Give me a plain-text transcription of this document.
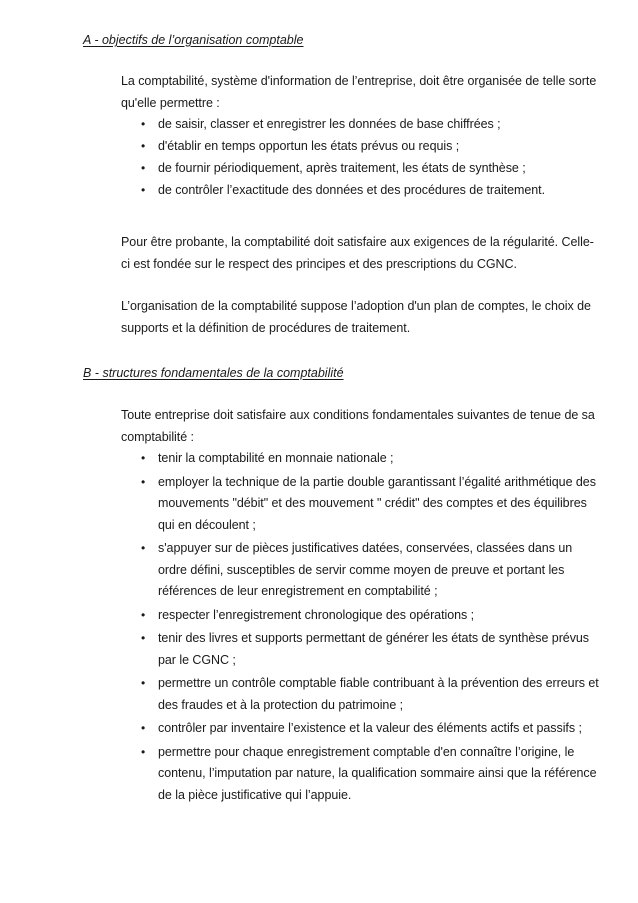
A - objectifs de l’organisation comptable

La comptabilité, système d'information de l’entreprise, doit être organisée de telle sorte qu'elle permettre :

• de saisir, classer et enregistrer les données de base chiffrées ;
• d'établir en temps opportun les états prévus ou requis ;
• de fournir périodiquement, après traitement, les états de synthèse ;
• de contrôler l’exactitude des données et des procédures de traitement.

Pour être probante, la comptabilité doit satisfaire aux exigences de la régularité. Celle-ci est fondée sur le respect des principes et des prescriptions du CGNC.

L’organisation de la comptabilité suppose l’adoption d'un plan de comptes, le choix de supports et la définition de procédures de traitement.

B - structures fondamentales de la comptabilité

Toute entreprise doit satisfaire aux conditions fondamentales suivantes de tenue de sa comptabilité :

• tenir la comptabilité en monnaie nationale ;
• employer la technique de la partie double garantissant l’égalité arithmétique des mouvements "débit" et des mouvement " crédit" des comptes et des équilibres qui en découlent ;
• s'appuyer sur de pièces justificatives datées, conservées, classées dans un ordre défini, susceptibles de servir comme moyen de preuve et portant les références de leur enregistrement en comptabilité ;
• respecter l’enregistrement chronologique des opérations ;
• tenir des livres et supports permettant de générer les états de synthèse prévus par le CGNC ;
• permettre un contrôle comptable fiable contribuant à la prévention des erreurs et des fraudes et à la protection du patrimoine ;
• contrôler par inventaire l’existence et la valeur des éléments actifs et passifs ;
• permettre pour chaque enregistrement comptable d'en connaître l’origine, le contenu, l’imputation par nature, la qualification sommaire ainsi que la référence de la pièce justificative qui l’appuie.
